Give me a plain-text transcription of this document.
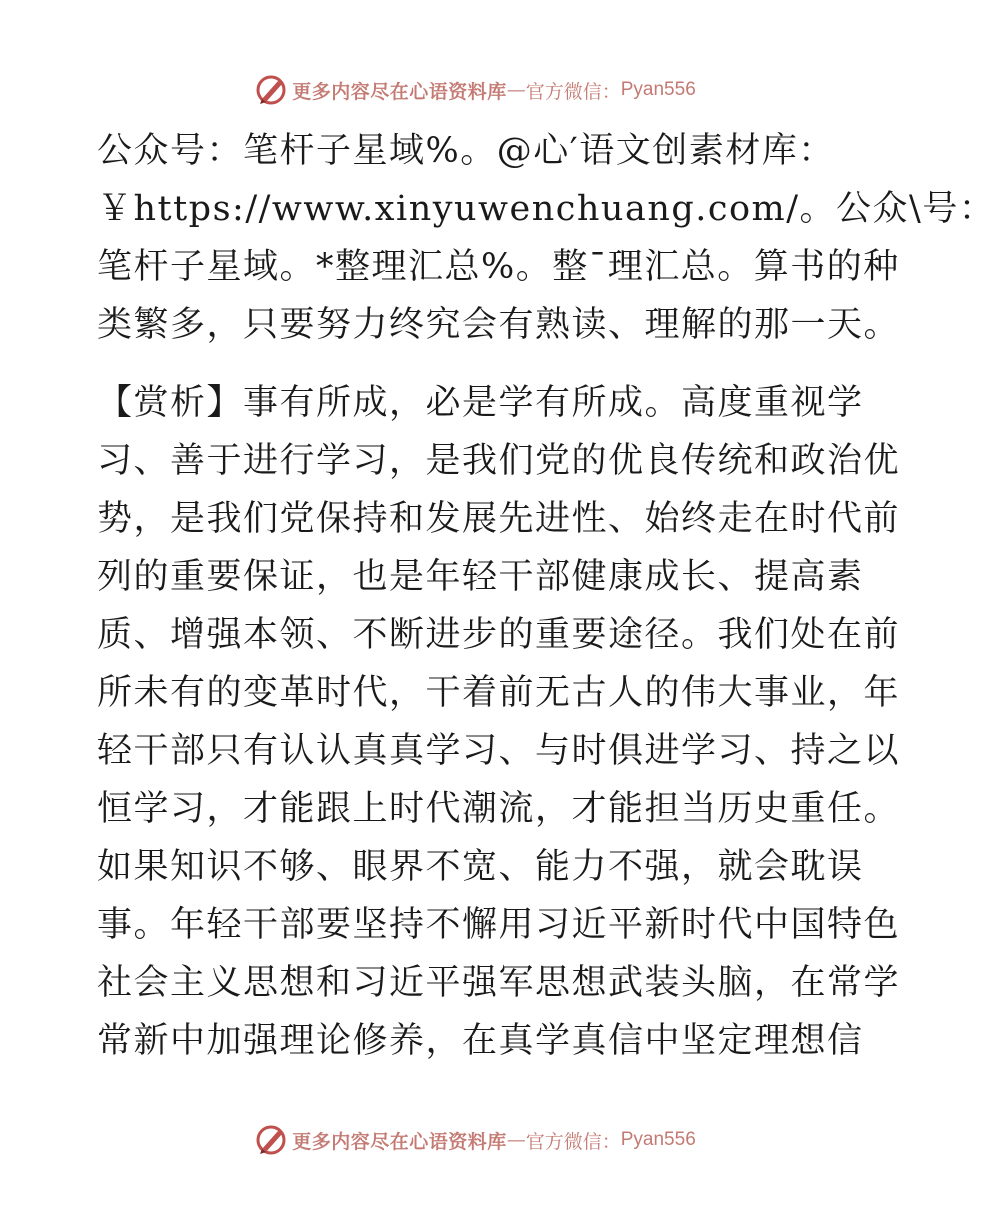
更多内容尽在心语资料库 — 官方微信： Pyan556
公众号：笔杆子星域%。@心′语文创素材库：
￥https://www.xinyuwenchuang.com/。公众\号：
笔杆子星域。*整理汇总%。整¯理汇总。算书的种
类繁多，只要努力终究会有熟读、理解的那一天。
【赏析】事有所成，必是学有所成。高度重视学
习、善于进行学习，是我们党的优良传统和政治优
势，是我们党保持和发展先进性、始终走在时代前
列的重要保证，也是年轻干部健康成长、提高素
质、增强本领、不断进步的重要途径。我们处在前
所未有的变革时代，干着前无古人的伟大事业，年
轻干部只有认认真真学习、与时俱进学习、持之以
恒学习，才能跟上时代潮流，才能担当历史重任。
如果知识不够、眼界不宽、能力不强，就会耽误
事。年轻干部要坚持不懈用习近平新时代中国特色
社会主义思想和习近平强军思想武装头脑，在常学
常新中加强理论修养，在真学真信中坚定理想信
更多内容尽在心语资料库 — 官方微信： Pyan556
